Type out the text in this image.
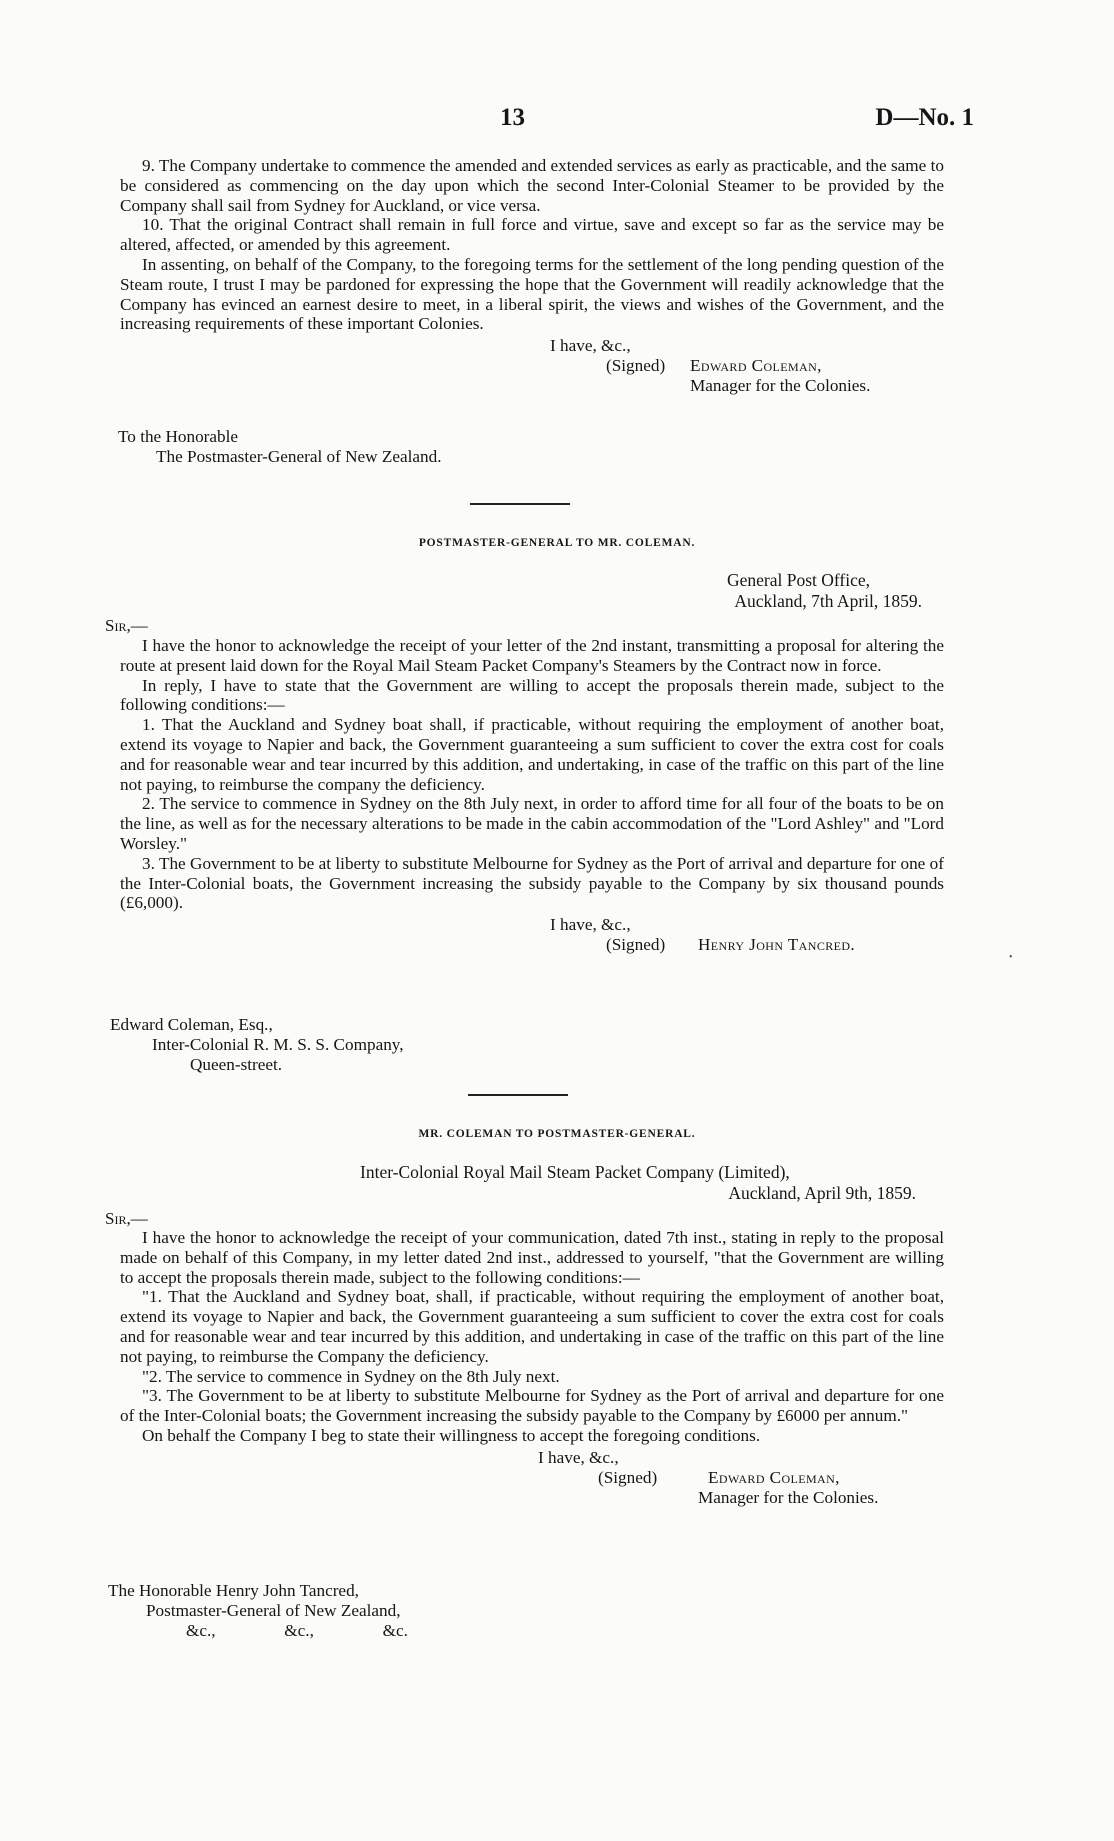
13	D—No. 1

9. The Company undertake to commence the amended and extended services as early as practicable, and the same to be considered as commencing on the day upon which the second Inter-Colonial Steamer to be provided by the Company shall sail from Sydney for Auckland, or vice versa.

10. That the original Contract shall remain in full force and virtue, save and except so far as the service may be altered, affected, or amended by this agreement.

In assenting, on behalf of the Company, to the foregoing terms for the settlement of the long pending question of the Steam route, I trust I may be pardoned for expressing the hope that the Government will readily acknowledge that the Company has evinced an earnest desire to meet, in a liberal spirit, the views and wishes of the Government, and the increasing requirements of these important Colonies.

I have, &c.,
(Signed) Edward Coleman,
Manager for the Colonies.
To the Honorable
The Postmaster-General of New Zealand.
POSTMASTER-GENERAL TO MR. COLEMAN.
General Post Office,
Auckland, 7th April, 1859.
Sir,—

I have the honor to acknowledge the receipt of your letter of the 2nd instant, transmitting a proposal for altering the route at present laid down for the Royal Mail Steam Packet Company's Steamers by the Contract now in force.

In reply, I have to state that the Government are willing to accept the proposals therein made, subject to the following conditions:—

1. That the Auckland and Sydney boat shall, if practicable, without requiring the employment of another boat, extend its voyage to Napier and back, the Government guaranteeing a sum sufficient to cover the extra cost for coals and for reasonable wear and tear incurred by this addition, and undertaking, in case of the traffic on this part of the line not paying, to reimburse the company the deficiency.

2. The service to commence in Sydney on the 8th July next, in order to afford time for all four of the boats to be on the line, as well as for the necessary alterations to be made in the cabin accommodation of the "Lord Ashley" and "Lord Worsley."

3. The Government to be at liberty to substitute Melbourne for Sydney as the Port of arrival and departure for one of the Inter-Colonial boats, the Government increasing the subsidy payable to the Company by six thousand pounds (£6,000).

I have, &c.,
(Signed) Henry John Tancred.
•
Edward Coleman, Esq.,
Inter-Colonial R. M. S. S. Company,
Queen-street.
MR. COLEMAN TO POSTMASTER-GENERAL.
Inter-Colonial Royal Mail Steam Packet Company (Limited),
Auckland, April 9th, 1859.
Sir,—

I have the honor to acknowledge the receipt of your communication, dated 7th inst., stating in reply to the proposal made on behalf of this Company, in my letter dated 2nd inst., addressed to yourself, "that the Government are willing to accept the proposals therein made, subject to the following conditions:—

"1. That the Auckland and Sydney boat, shall, if practicable, without requiring the employment of another boat, extend its voyage to Napier and back, the Government guaranteeing a sum sufficient to cover the extra cost for coals and for reasonable wear and tear incurred by this addition, and undertaking in case of the traffic on this part of the line not paying, to reimburse the Company the deficiency.

"2. The service to commence in Sydney on the 8th July next.

"3. The Government to be at liberty to substitute Melbourne for Sydney as the Port of arrival and departure for one of the Inter-Colonial boats; the Government increasing the subsidy payable to the Company by £6000 per annum."

On behalf the Company I beg to state their willingness to accept the foregoing conditions.

I have, &c.,
(Signed)	Edward Coleman,
Manager for the Colonies.
The Honorable Henry John Tancred,
Postmaster-General of New Zealand,
&c.,	&c.,	&c.
